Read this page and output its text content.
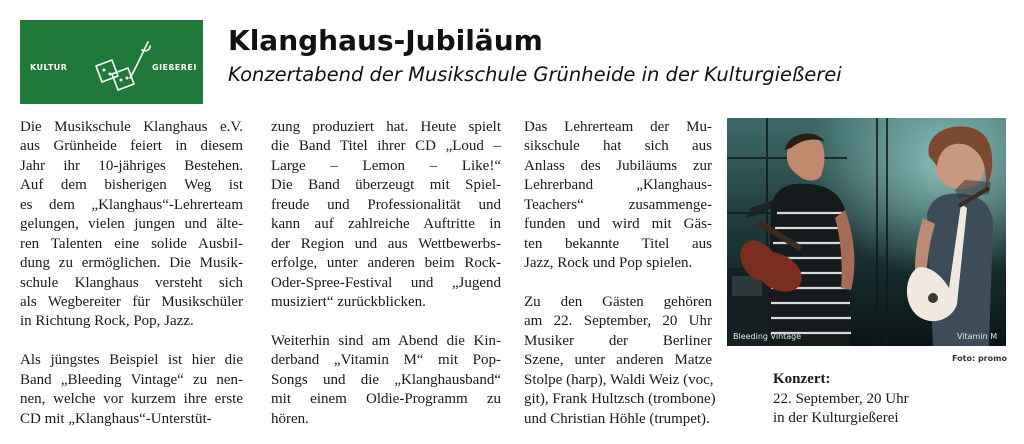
KULTUR	GIEßEREI
Klanghaus-Jubiläum
Konzertabend der Musikschule Grünheide in der Kulturgießerei
Die Musikschule Klanghaus e.V.
aus Grünheide feiert in diesem
Jahr ihr 10-jähriges Bestehen.
Auf dem bisherigen Weg ist
es dem „Klanghaus“-Lehrerteam
gelungen, vielen jungen und älte-
ren Talenten eine solide Ausbil-
dung zu ermöglichen. Die Musik-
schule Klanghaus versteht sich
als Wegbereiter für Musikschüler
in Richtung Rock, Pop, Jazz.
Als jüngstes Beispiel ist hier die
Band „Bleeding Vintage“ zu nen-
nen, welche vor kurzem ihre erste
CD mit „Klanghaus“-Unterstüt-
zung produziert hat. Heute spielt
die Band Titel ihrer CD „Loud –
Large – Lemon – Like!“
Die Band überzeugt mit Spiel-
freude und Professionalität und
kann auf zahlreiche Auftritte in
der Region und aus Wettbewerbs-
erfolge, unter anderen beim Rock-
Oder-Spree-Festival und „Jugend
musiziert“ zurückblicken.
Weiterhin sind am Abend die Kin-
derband „Vitamin M“ mit Pop-
Songs und die „Klanghausband“
mit einem Oldie-Programm zu
hören.
Das Lehrerteam der Mu-
sikschule hat sich aus
Anlass des Jubiläums zur
Lehrerband „Klanghaus-
Teachers“ zusammenge-
funden und wird mit Gäs-
ten bekannte Titel aus
Jazz, Rock und Pop spielen.
Zu den Gästen gehören
am 22. September, 20 Uhr
Musiker der Berliner
Szene, unter anderen Matze
Stolpe (harp), Waldi Weiz (voc,
git), Frank Hultzsch (trombone)
und Christian Höhle (trumpet).
Bleeding Vintage	Vitamin M
Foto: promo
Konzert:
22. September, 20 Uhr
in der Kulturgießerei
